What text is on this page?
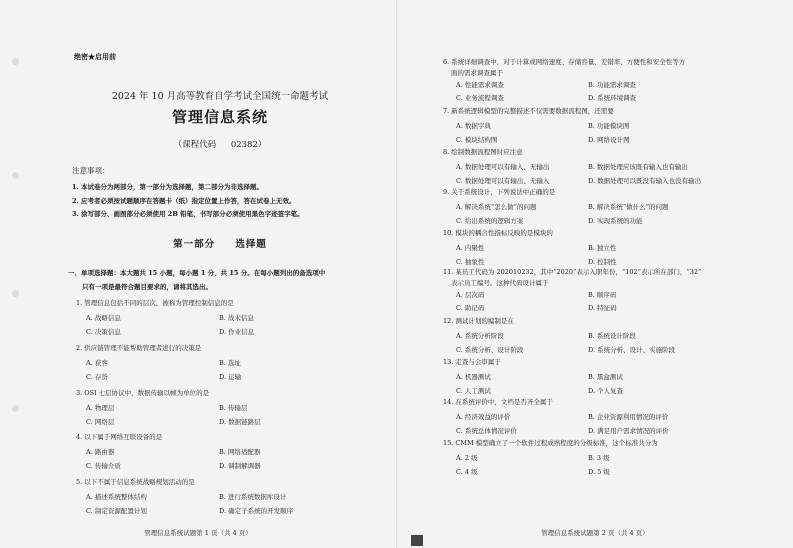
绝密★启用前

2024 年 10 月高等教育自学考试全国统一命题考试

管理信息系统
（课程代码 02382）

注意事项：

1. 本试卷分为两部分，第一部分为选择题，第二部分为非选择题。
2. 应考者必须按试题顺序在答题卡（纸）指定位置上作答，答在试卷上无效。
3. 涂写部分、画图部分必须使用 2B 铅笔，书写部分必须使用黑色字迹签字笔。
第一部分 选择题
一、单项选择题：本大题共 15 小题，每小题 1 分，共 15 分。在每小题列出的备选项中
只有一项是最符合题目要求的，请将其选出。
1. 管理信息包括不同的层次，被称为管理控制信息的是
A. 战略信息	B. 战术信息
C. 决策信息	D. 作业信息
2. 供应链管理不能帮助管理者进行的决策是
A. 获客	B. 选址
C. 存货	D. 运输
3. OSI 七层协议中，数据传输以帧为单位的是
A. 物理层	B. 传输层
C. 网络层	D. 数据链路层
4. 以下属于网络互联设备的是
A. 路由器	B. 网络适配器
C. 传输介质	D. 调制解调器
5. 以下不属于信息系统战略规划活动的是
A. 描述系统整体结构	B. 进行系统数据库设计
C. 制定资源配置计划	D. 确定子系统的开发顺序

管理信息系统试题第 1 页（共 4 页）

6. 系统详细调查中，对于计算或网络速度、存储容量、差错率、方便性和安全性等方
面的需求调查属于
A. 性能需求调查	B. 功能需求调查
C. 业务流程调查	D. 系统环境调查
7. 新系统逻辑模型的完整描述不仅需要数据流程图，还需要
A. 数据字典	B. 功能模块图
C. 模块结构图	D. 网络设计图
8. 绘制数据流程图时应注意
A. 数据处理可以有输入、无输出	B. 数据处理应该既有输入也有输出
C. 数据处理可以有输出、无输入	D. 数据处理可以既没有输入也没有输出
9. 关于系统设计，下列说法中正确的是
A. 解决系统“怎么做”的问题	B. 解决系统“做什么”的问题
C. 给出系统的逻辑方案	D. 实现系统的功能
10. 模块的耦合性指标反映的是模块的
A. 内聚性	B. 独立性
C. 抽象性	D. 控制性
11. 某员工代码为 202010232，其中“2020”表示入职年份，“102”表示所在部门，“32”
表示员工编号。这种代码设计属于
A. 层次码	B. 顺序码
C. 助记码	D. 特征码
12. 测试计划的编制是在
A. 系统分析阶段	B. 系统设计阶段
C. 系统分析、设计阶段	D. 系统分析、设计、实施阶段
13. 走查与会审属于
A. 机器测试	B. 黑盒测试
C. 人工测试	D. 个人复查
14. 在系统评价中，文档是否齐全属于
A. 经济效益的评价	B. 企业资源利用情况的评价
C. 系统总体情况评价	D. 满足用户需求情况的评价
15. CMM 模型确立了一个软件过程成熟程度的分级标准，这个标准共分为
A. 2 级	B. 3 级
C. 4 级	D. 5 级

管理信息系统试题第 2 页（共 4 页）
